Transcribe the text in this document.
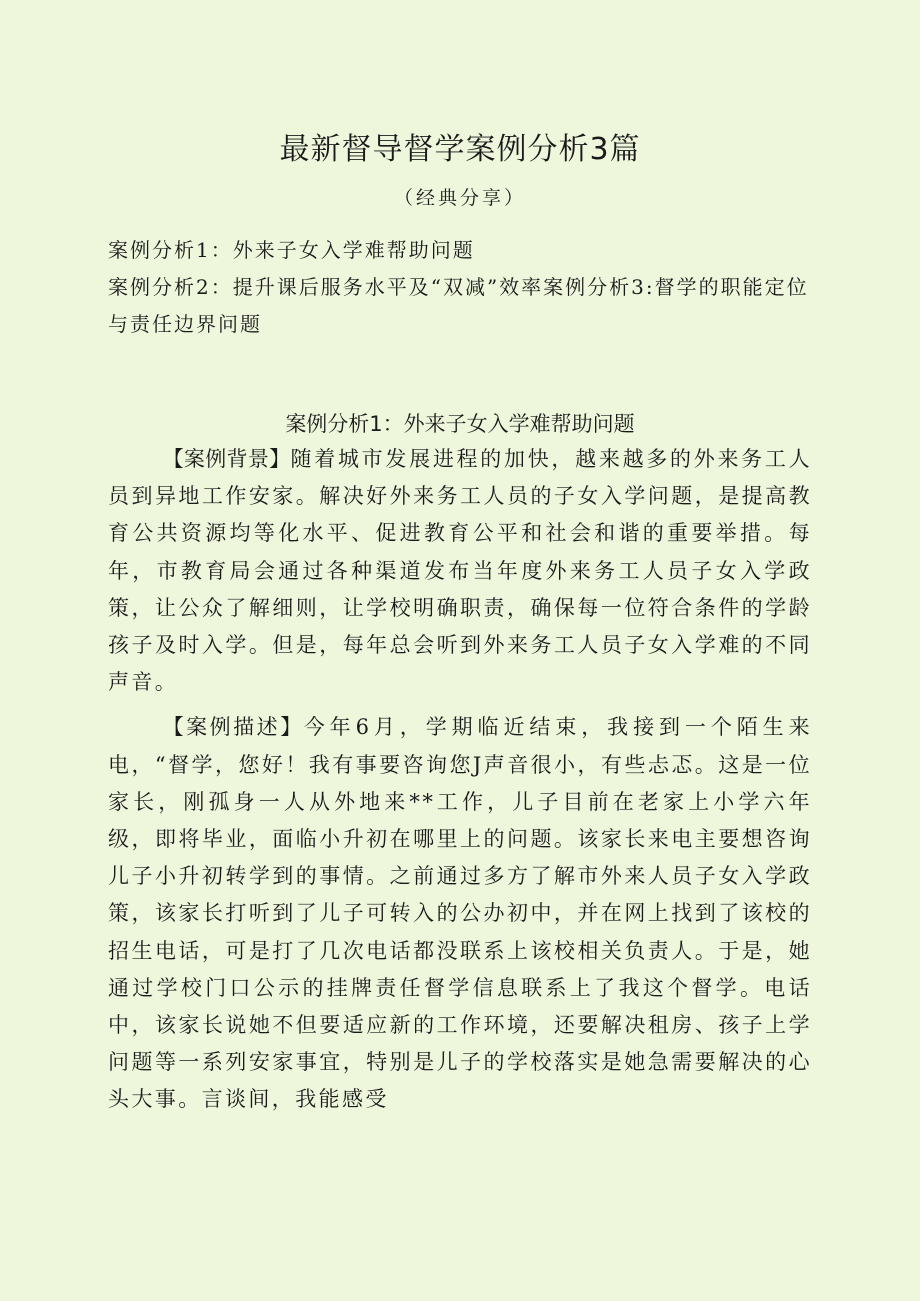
最新督导督学案例分析3篇
（经典分享）

案例分析1：外来子女入学难帮助问题

案例分析2：提升课后服务水平及“双减”效率案例分析3:督学的职能定位与责任边界问题

案例分析1：外来子女入学难帮助问题

【案例背景】随着城市发展进程的加快，越来越多的外来务工人员到异地工作安家。解决好外来务工人员的子女入学问题，是提高教育公共资源均等化水平、促进教育公平和社会和谐的重要举措。每年，市教育局会通过各种渠道发布当年度外来务工人员子女入学政策，让公众了解细则，让学校明确职责，确保每一位符合条件的学龄孩子及时入学。但是，每年总会听到外来务工人员子女入学难的不同声音。

【案例描述】今年6月，学期临近结束，我接到一个陌生来电，“督学，您好！我有事要咨询您J声音很小，有些忐忑。这是一位家长，刚孤身一人从外地来**工作，儿子目前在老家上小学六年级，即将毕业，面临小升初在哪里上的问题。该家长来电主要想咨询儿子小升初转学到的事情。之前通过多方了解市外来人员子女入学政策，该家长打听到了儿子可转入的公办初中，并在网上找到了该校的招生电话，可是打了几次电话都没联系上该校相关负责人。于是，她通过学校门口公示的挂牌责任督学信息联系上了我这个督学。电话中，该家长说她不但要适应新的工作环境，还要解决租房、孩子上学问题等一系列安家事宜，特别是儿子的学校落实是她急需要解决的心头大事。言谈间，我能感受
